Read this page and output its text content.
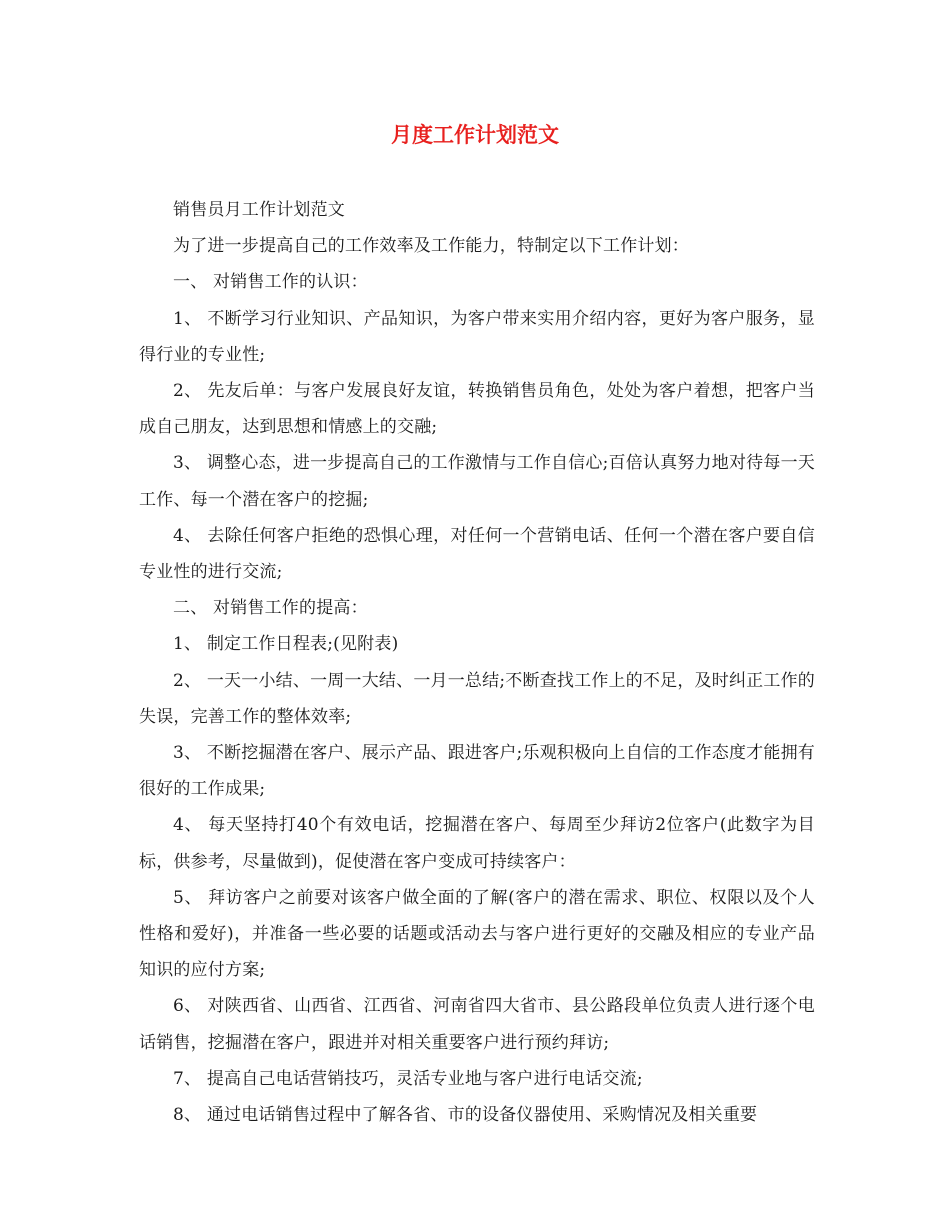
月度工作计划范文

销售员月工作计划范文

为了进一步提高自己的工作效率及工作能力，特制定以下工作计划：

一、 对销售工作的认识：

1、 不断学习行业知识、产品知识，为客户带来实用介绍内容，更好为客户服务，显得行业的专业性;

2、 先友后单：与客户发展良好友谊，转换销售员角色，处处为客户着想，把客户当成自己朋友，达到思想和情感上的交融;

3、 调整心态，进一步提高自己的工作激情与工作自信心;百倍认真努力地对待每一天工作、每一个潜在客户的挖掘;

4、 去除任何客户拒绝的恐惧心理，对任何一个营销电话、任何一个潜在客户要自信专业性的进行交流;

二、 对销售工作的提高：

1、 制定工作日程表;(见附表)

2、 一天一小结、一周一大结、一月一总结;不断查找工作上的不足，及时纠正工作的失误，完善工作的整体效率;

3、 不断挖掘潜在客户、展示产品、跟进客户;乐观积极向上自信的工作态度才能拥有很好的工作成果;

4、 每天坚持打40个有效电话，挖掘潜在客户、每周至少拜访2位客户(此数字为目标，供参考，尽量做到)，促使潜在客户变成可持续客户：

5、 拜访客户之前要对该客户做全面的了解(客户的潜在需求、职位、权限以及个人性格和爱好)，并准备一些必要的话题或活动去与客户进行更好的交融及相应的专业产品知识的应付方案;

6、 对陕西省、山西省、江西省、河南省四大省市、县公路段单位负责人进行逐个电话销售，挖掘潜在客户，跟进并对相关重要客户进行预约拜访;

7、 提高自己电话营销技巧，灵活专业地与客户进行电话交流;

8、 通过电话销售过程中了解各省、市的设备仪器使用、采购情况及相关重要
